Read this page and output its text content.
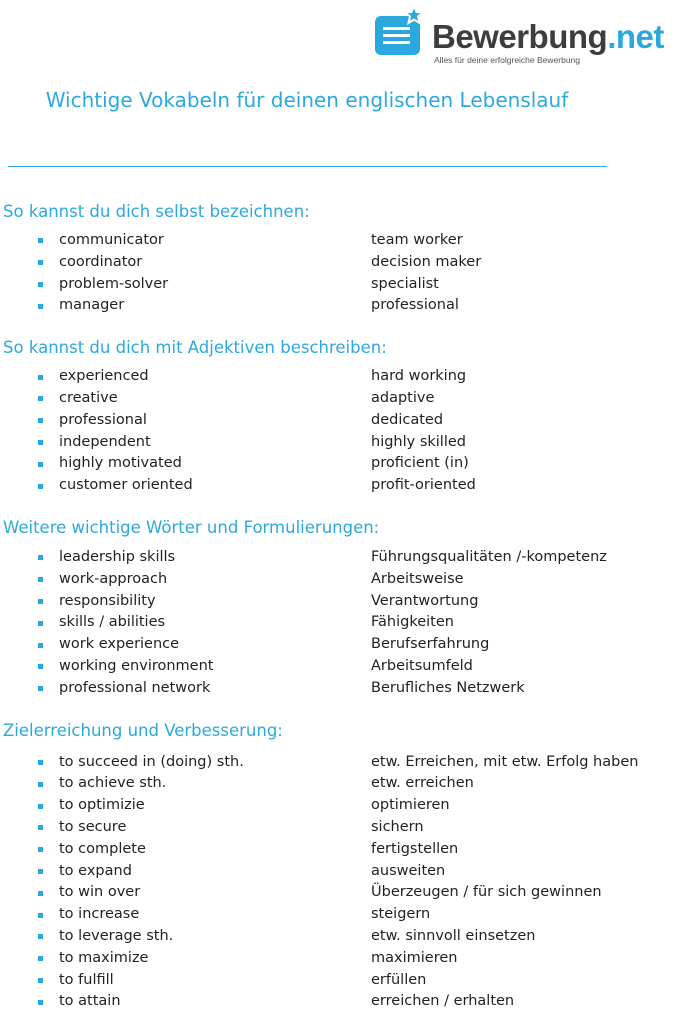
Bewerbung.net
Alles für deine erfolgreiche Bewerbung
Wichtige Vokabeln für deinen englischen Lebenslauf
So kannst du dich selbst bezeichnen:
communicator	team worker
coordinator	decision maker
problem-solver	specialist
manager	professional
So kannst du dich mit Adjektiven beschreiben:
experienced	hard working
creative	adaptive
professional	dedicated
independent	highly skilled
highly motivated	proficient (in)
customer oriented	profit-oriented
Weitere wichtige Wörter und Formulierungen:
leadership skills	Führungsqualitäten /-kompetenz
work-approach	Arbeitsweise
responsibility	Verantwortung
skills / abilities	Fähigkeiten
work experience	Berufserfahrung
working environment	Arbeitsumfeld
professional network	Berufliches Netzwerk
Zielerreichung und Verbesserung:
to succeed in (doing) sth.	etw. Erreichen, mit etw. Erfolg haben
to achieve sth.	etw. erreichen
to optimizie	optimieren
to secure	sichern
to complete	fertigstellen
to expand	ausweiten
to win over	Überzeugen / für sich gewinnen
to increase	steigern
to leverage sth.	etw. sinnvoll einsetzen
to maximize	maximieren
to fulfill	erfüllen
to attain	erreichen / erhalten
